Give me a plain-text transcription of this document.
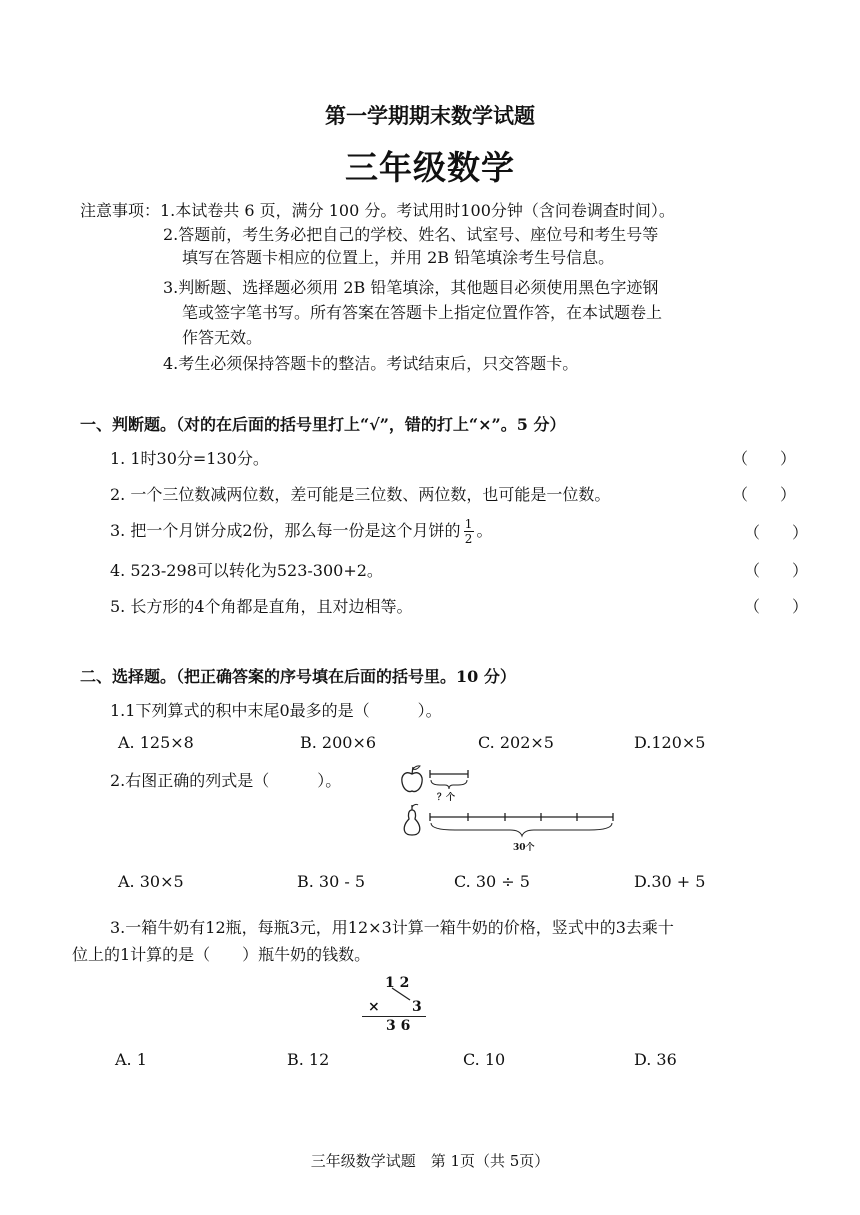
第一学期期末数学试题
三年级数学
注意事项： 1.本试卷共 6 页，满分 100 分。考试用时100分钟（含问卷调查时间）。
2.答题前，考生务必把自己的学校、姓名、试室号、座位号和考生号等
填写在答题卡相应的位置上，并用 2B 铅笔填涂考生号信息。
3.判断题、选择题必须用 2B 铅笔填涂，其他题目必须使用黑色字迹钢
笔或签字笔书写。所有答案在答题卡上指定位置作答，在本试题卷上
作答无效。
4.考生必须保持答题卡的整洁。考试结束后，只交答题卡。
一、判断题。（对的在后面的括号里打上“√”，错的打上“×”。5 分）
1. 1时30分=130分。	（　　）
2. 一个三位数减两位数，差可能是三位数、两位数，也可能是一位数。	（　　）
3. 把一个月饼分成2份，那么每一份是这个月饼的 $\frac{1}{2}$ 。	（　　）
4. 523-298可以转化为523-300+2。	（　　）
5. 长方形的4个角都是直角，且对边相等。	（　　）
二、选择题。（把正确答案的序号填在后面的括号里。10 分）
1.1下列算式的积中末尾0最多的是（　　　）。
A. 125×8	B. 200×6	C. 202×5	D.120×5
2.右图正确的列式是（　　　）。
？个
30个
A. 30×5	B. 30 - 5	C. 30 ÷ 5	D.30 + 5
3.一箱牛奶有12瓶，每瓶3元，用12×3计算一箱牛奶的价格，竖式中的3去乘十
位上的1计算的是（　　）瓶牛奶的钱数。
1 2
× 3
3 6
A. 1	B. 12	C. 10	D. 36
三年级数学试题　第 1页（共 5页）
